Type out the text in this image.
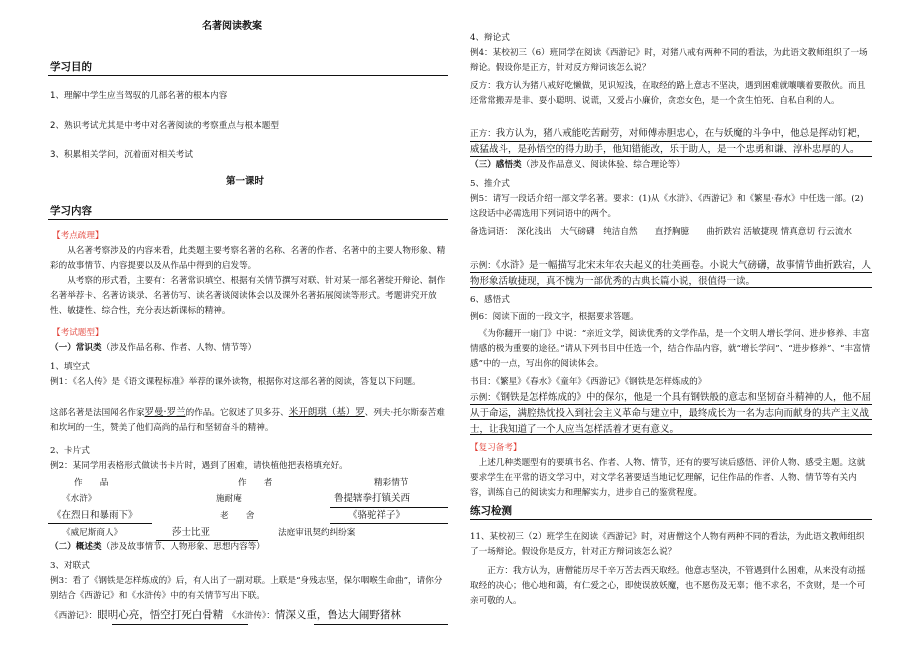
名著阅读教案
学习目的
1、理解中学生应当驾驭的几部名著的根本内容
2、熟识考试尤其是中考中对名著阅读的考察重点与根本题型
3、积累相关学问，沉着面对相关考试
第一课时
学习内容
【考点疏理】
从名著考察涉及的内容来看，此类题主要考察名著的名称、名著的作者、名著中的主要人物形象、精彩的故事情节、内容提要以及从作品中得到的启发等。
从考察的形式看，主要有：名著常识填空、根据有关情节撰写对联、针对某一部名著绽开辩论、制作名著举荐卡、名著访谈录、名著仿写、读名著谈阅读体会以及课外名著拓展阅读等形式。考题讲究开放性、敏捷性、综合性，充分表达新课标的精神。
【考试题型】
（一）常识类（涉及作品名称、作者、人物、情节等）
1、填空式
例1：《名人传》是《语文课程标准》举荐的课外读物，根据你对这部名著的阅读，答复以下问题。
这部名著是法国闻名作家罗曼·罗兰的作品。它叙述了贝多芬、米开朗琪（基）罗、列夫·托尔斯泰苦难和坎坷的一生，赞美了他们高尚的品行和坚韧奋斗的精神。
2、卡片式
例2：某同学用表格形式做读书卡片时，遇到了困难，请快植他把表格填充好。
作　　品	作　　者	精彩情节
《水浒》	施耐庵	鲁提辖拳打镇关西
《在烈日和暴雨下》	老　　舍	《骆驼祥子》
《威尼斯商人》	莎士比亚	法庭审讯契约纠纷案
（二）概述类（涉及故事情节、人物形象、思想内容等）
3、对联式
例3：看了《钢铁是怎样炼成的》后，有人出了一副对联。上联是“身残志坚，保尔咽喉生命曲”，请你分别结合《西游记》和《水浒传》中的有关情节写出下联。
《西游记》：眼明心亮，悟空打死白骨精　 《水浒传》：情深义重，鲁达大闹野猪林
4、辩论式
例4：某校初三（6）班同学在阅读《西游记》时，对猪八戒有两种不同的看法，为此语文教师组织了一场辩论。假设你是正方，针对反方辩词该怎么说？
反方：我方认为猪八戒好吃懒做，见识短浅，在取经的路上意志不坚决，遇到困难就嚷嚷着要散伙。而且还常常搬弄是非、耍小聪明、说谎，又爱占小廉价，贪恋女色，是一个贪生怕死、自私自利的人。
正方：我方认为，猪八戒能吃苦耐劳，对师傅赤胆忠心，在与妖魔的斗争中，他总是挥动钉耙，威猛战斗，是孙悟空的得力助手，他知错能改，乐于助人，是一个忠勇和谦、淳朴忠厚的人。
（三）感悟类（涉及作品意义、阅读体验、综合理论等）
5、推介式
例5：请写一段话介绍一部文学名著。要求：(1)从《水浒》、《西游记》和《繁星·春水》中任选一部。(2)这段话中必需选用下列词语中的两个。
备选词语：　深化浅出　大气磅礴　纯洁自然　　直抒胸臆　　曲折跌宕 活敏捷现 情真意切 行云流水
示例：《水浒》是一幅描写北宋末年农夫起义的壮美画卷。小说大气磅礴，故事情节曲折跌宕，人物形象活敏捷现，真不愧为一部优秀的古典长篇小说，很值得一读。
6、感悟式
例6：阅读下面的一段文字，根据要求答题。
《为你翻开一扇门》中说：“亲近文学，阅读优秀的文学作品，是一个文明人增长学问、进步修养、丰富情感的极为重要的途径。”请从下列书目中任选一个，结合作品内容，就“增长学问”、“进步修养”、“丰富情感”中的一点，写出你的阅读体会。
书目：《繁星》《春水》《童年》《西游记》《钢铁是怎样炼成的》
示例：《钢铁是怎样炼成的》中的保尔，他是一个具有钢铁般的意志和坚韧奋斗精神的人，他不屈从于命运，满腔热忱投入到社会主义革命与建立中，最终成长为一名为志向而献身的共产主义战士，让我知道了一个人应当怎样活着才更有意义。
【复习备考】
上述几种类题型有的要填书名、作者、人物、情节，还有的要写读后感悟、评价人物、感受主题。这就要求学生在平常的语文学习中，对文学名著要适当地记忆理解，记住作品的作者、人物、情节等有关内容，训练自己的阅读实力和理解实力，进步自己的鉴赏程度。
练习检测
11、某校初三（2）班学生在阅读《西游记》时，对唐僧这个人物有两种不同的看法，为此语文教师组织了一场辩论。假设你是反方，针对正方辩词该怎么说？
正方：我方认为，唐僧能历尽千辛万苦去西天取经。他意志坚决，不管遇到什么困难，从来没有动摇取经的决心；他心地和蔼，有仁爱之心，即使误放妖魔，也不愿伤及无辜；他不求名，不贪财，是一个可亲可敬的人。
